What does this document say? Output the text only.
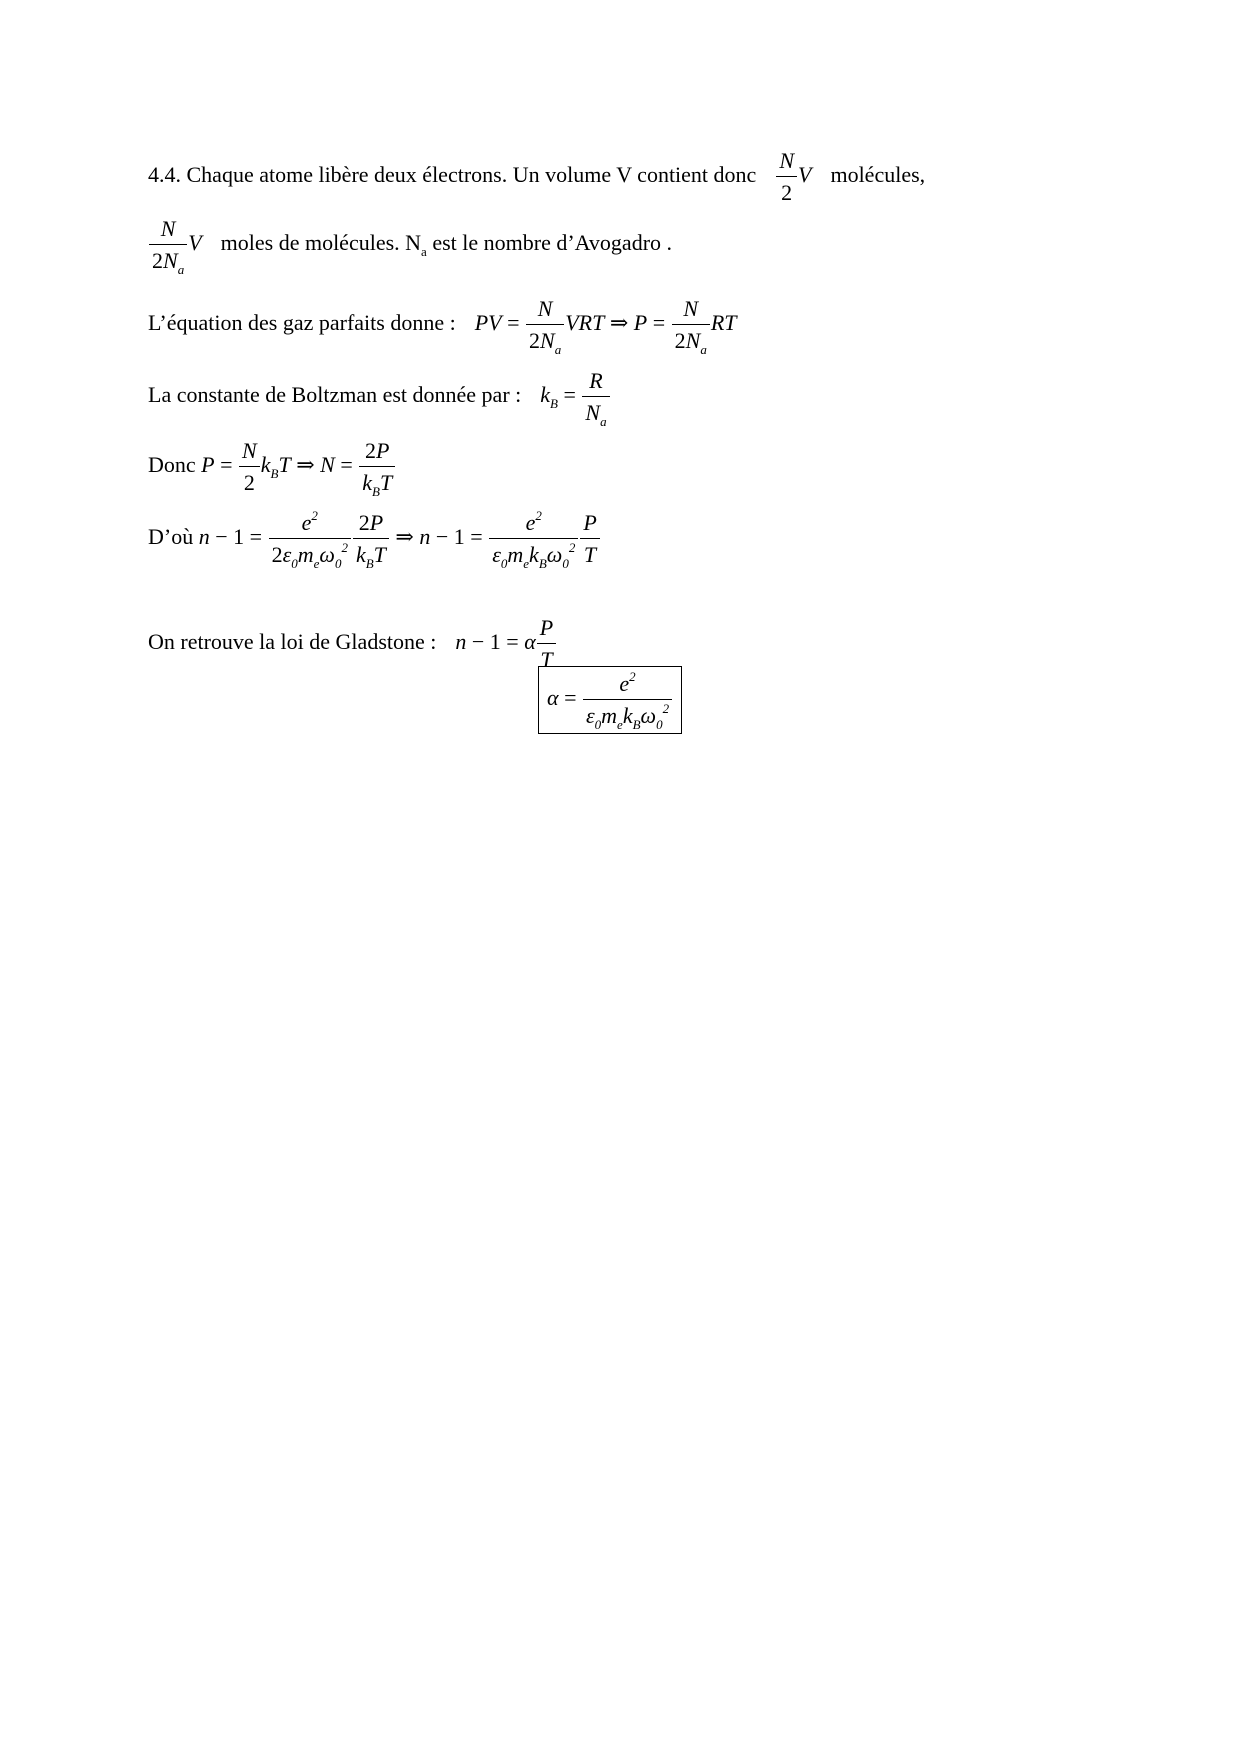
4.4. Chaque atome libère deux électrons. Un volume V contient donc $\frac{N}{2}$ V molécules,
$\frac{N}{2N_a}$ V moles de molécules. $N_a$ est le nombre d’Avogadro .
L’équation des gaz parfaits donne : PV = $\frac{N}{2N_a}$ VRT ⇒ $P = \frac{N}{2N_a}$ RT
La constante de Boltzman est donnée par : $k_B = \frac{R}{N_a}$
Donc $P = \frac{N}{2} k_BT$ ⇒ $N = \frac{2P}{k_BT}$
D’où $n - 1 = \frac{e^2}{2\varepsilon_0m_e\omega_0^2} \frac{2P}{k_BT}$ ⇒ $n - 1 = \frac{e^2}{\varepsilon_0m_ek_B\omega_0^2} \frac{P}{T}$
On retrouve la loi de Gladstone : n − 1 = α $\frac{P}{T}$
$\alpha = \frac{e^2}{\varepsilon_0m_ek_B\omega_0^2}$
